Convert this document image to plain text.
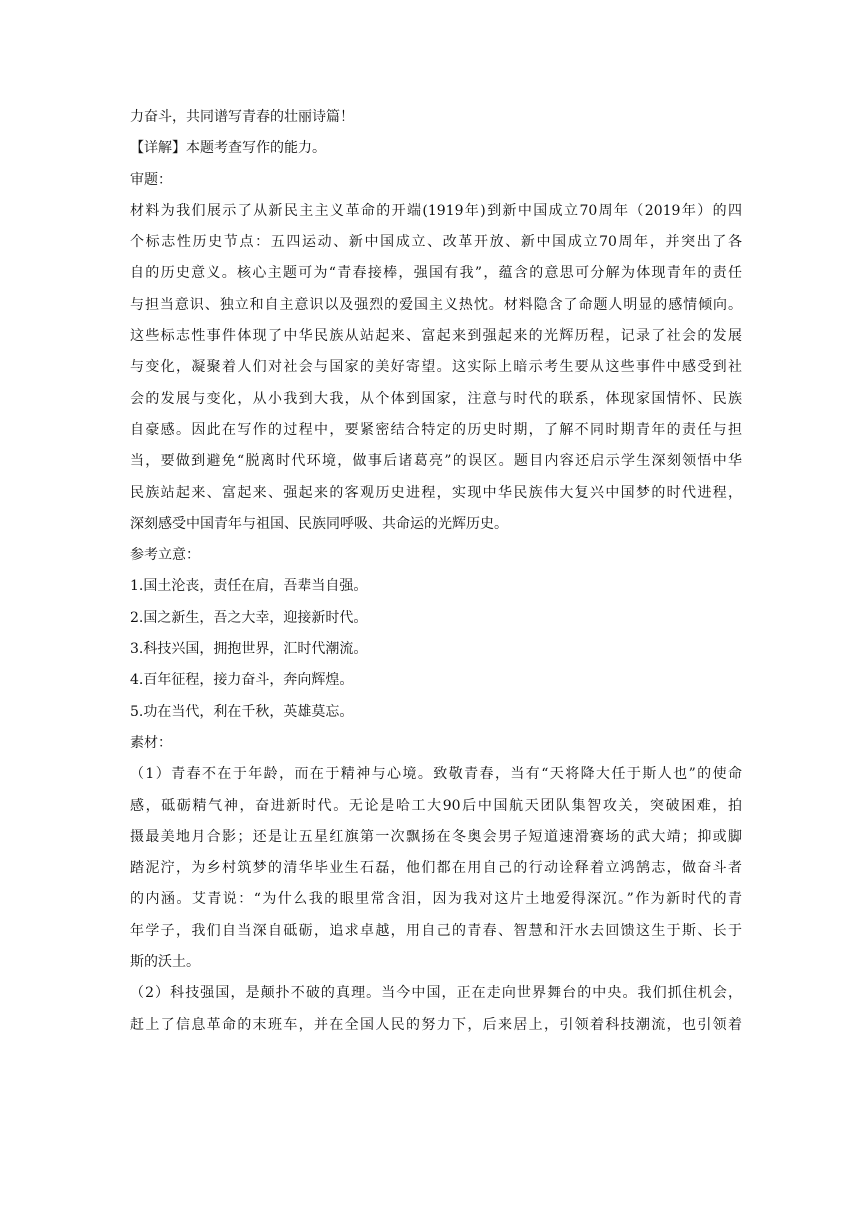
力奋斗，共同谱写青春的壮丽诗篇！
【详解】本题考查写作的能力。
审题：
材料为我们展示了从新民主主义革命的开端(1919年)到新中国成立70周年（2019年）的四
个标志性历史节点：五四运动、新中国成立、改革开放、新中国成立70周年，并突出了各
自的历史意义。核心主题可为“青春接棒，强国有我”，蕴含的意思可分解为体现青年的责任
与担当意识、独立和自主意识以及强烈的爱国主义热忱。材料隐含了命题人明显的感情倾向。
这些标志性事件体现了中华民族从站起来、富起来到强起来的光辉历程，记录了社会的发展
与变化，凝聚着人们对社会与国家的美好寄望。这实际上暗示考生要从这些事件中感受到社
会的发展与变化，从小我到大我，从个体到国家，注意与时代的联系，体现家国情怀、民族
自豪感。因此在写作的过程中，要紧密结合特定的历史时期，了解不同时期青年的责任与担
当，要做到避免“脱离时代环境，做事后诸葛亮”的误区。题目内容还启示学生深刻领悟中华
民族站起来、富起来、强起来的客观历史进程，实现中华民族伟大复兴中国梦的时代进程，
深刻感受中国青年与祖国、民族同呼吸、共命运的光辉历史。
参考立意：
1.国土沦丧，责任在肩，吾辈当自强。
2.国之新生，吾之大幸，迎接新时代。
3.科技兴国，拥抱世界，汇时代潮流。
4.百年征程，接力奋斗，奔向辉煌。
5.功在当代，利在千秋，英雄莫忘。
素材：
（1）青春不在于年龄，而在于精神与心境。致敬青春，当有“天将降大任于斯人也”的使命
感，砥砺精气神，奋进新时代。无论是哈工大90后中国航天团队集智攻关，突破困难，拍
摄最美地月合影；还是让五星红旗第一次飘扬在冬奥会男子短道速滑赛场的武大靖；抑或脚
踏泥泞，为乡村筑梦的清华毕业生石磊，他们都在用自己的行动诠释着立鸿鹄志，做奋斗者
的内涵。艾青说：“为什么我的眼里常含泪，因为我对这片土地爱得深沉。”作为新时代的青
年学子，我们自当深自砥砺，追求卓越，用自己的青春、智慧和汗水去回馈这生于斯、长于
斯的沃土。
（2）科技强国，是颠扑不破的真理。当今中国，正在走向世界舞台的中央。我们抓住机会，
赶上了信息革命的末班车，并在全国人民的努力下，后来居上，引领着科技潮流，也引领着
